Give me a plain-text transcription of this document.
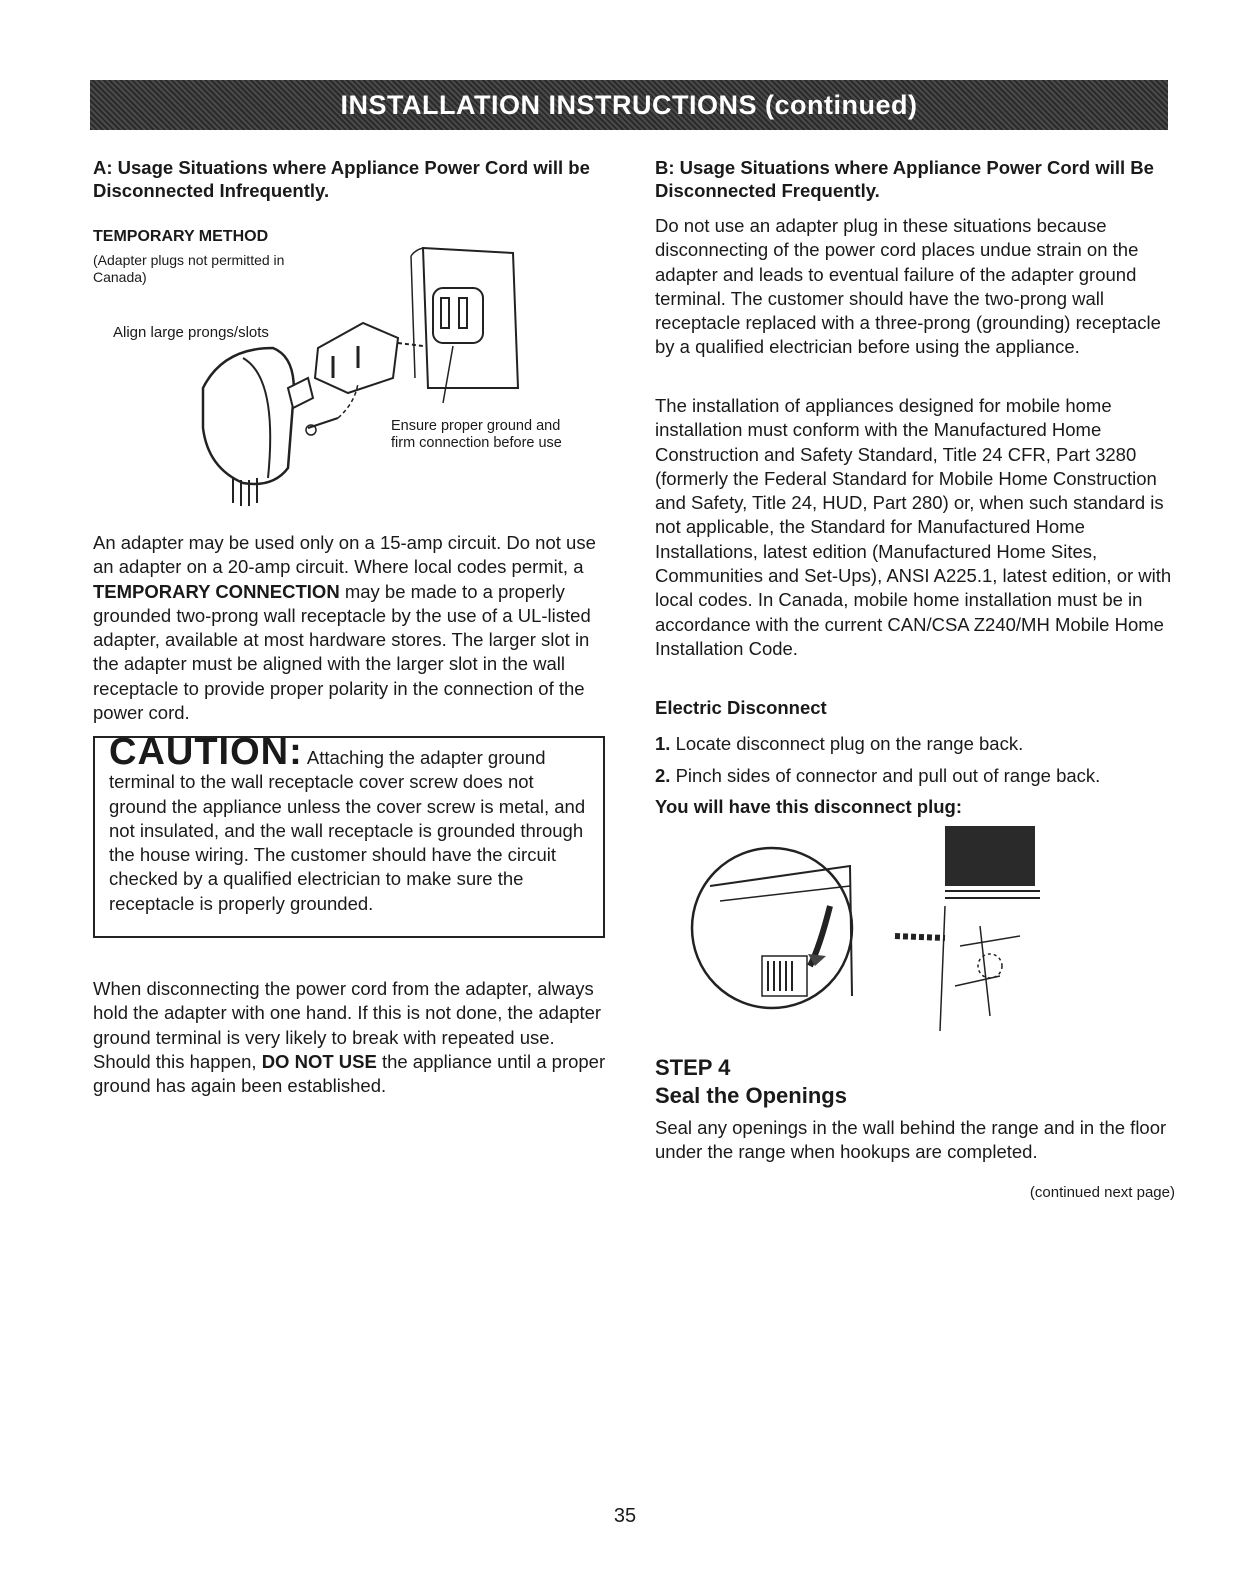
INSTALLATION INSTRUCTIONS (continued)

A: Usage Situations where Appliance Power Cord will be Disconnected Infrequently.

TEMPORARY METHOD
(Adapter plugs not permitted in Canada)
Align large prongs/slots
Ensure proper ground and firm connection before use

An adapter may be used only on a 15-amp circuit. Do not use an adapter on a 20-amp circuit. Where local codes permit, a TEMPORARY CONNECTION may be made to a properly grounded two-prong wall receptacle by the use of a UL-listed adapter, available at most hardware stores. The larger slot in the adapter must be aligned with the larger slot in the wall receptacle to provide proper polarity in the connection of the power cord.

CAUTION: Attaching the adapter ground terminal to the wall receptacle cover screw does not ground the appliance unless the cover screw is metal, and not insulated, and the wall receptacle is grounded through the house wiring. The customer should have the circuit checked by a qualified electrician to make sure the receptacle is properly grounded.

When disconnecting the power cord from the adapter, always hold the adapter with one hand. If this is not done, the adapter ground terminal is very likely to break with repeated use. Should this happen, DO NOT USE the appliance until a proper ground has again been established.

B: Usage Situations where Appliance Power Cord will Be Disconnected Frequently.

Do not use an adapter plug in these situations because disconnecting of the power cord places undue strain on the adapter and leads to eventual failure of the adapter ground terminal. The customer should have the two-prong wall receptacle replaced with a three-prong (grounding) receptacle by a qualified electrician before using the appliance.

The installation of appliances designed for mobile home installation must conform with the Manufactured Home Construction and Safety Standard, Title 24 CFR, Part 3280 (formerly the Federal Standard for Mobile Home Construction and Safety, Title 24, HUD, Part 280) or, when such standard is not applicable, the Standard for Manufactured Home Installations, latest edition (Manufactured Home Sites, Communities and Set-Ups), ANSI A225.1, latest edition, or with local codes. In Canada, mobile home installation must be in accordance with the current CAN/CSA Z240/MH Mobile Home Installation Code.

Electric Disconnect

1. Locate disconnect plug on the range back.

2. Pinch sides of connector and pull out of range back.

You will have this disconnect plug:

STEP 4

Seal the Openings

Seal any openings in the wall behind the range and in the floor under the range when hookups are completed.

(continued next page)
35
